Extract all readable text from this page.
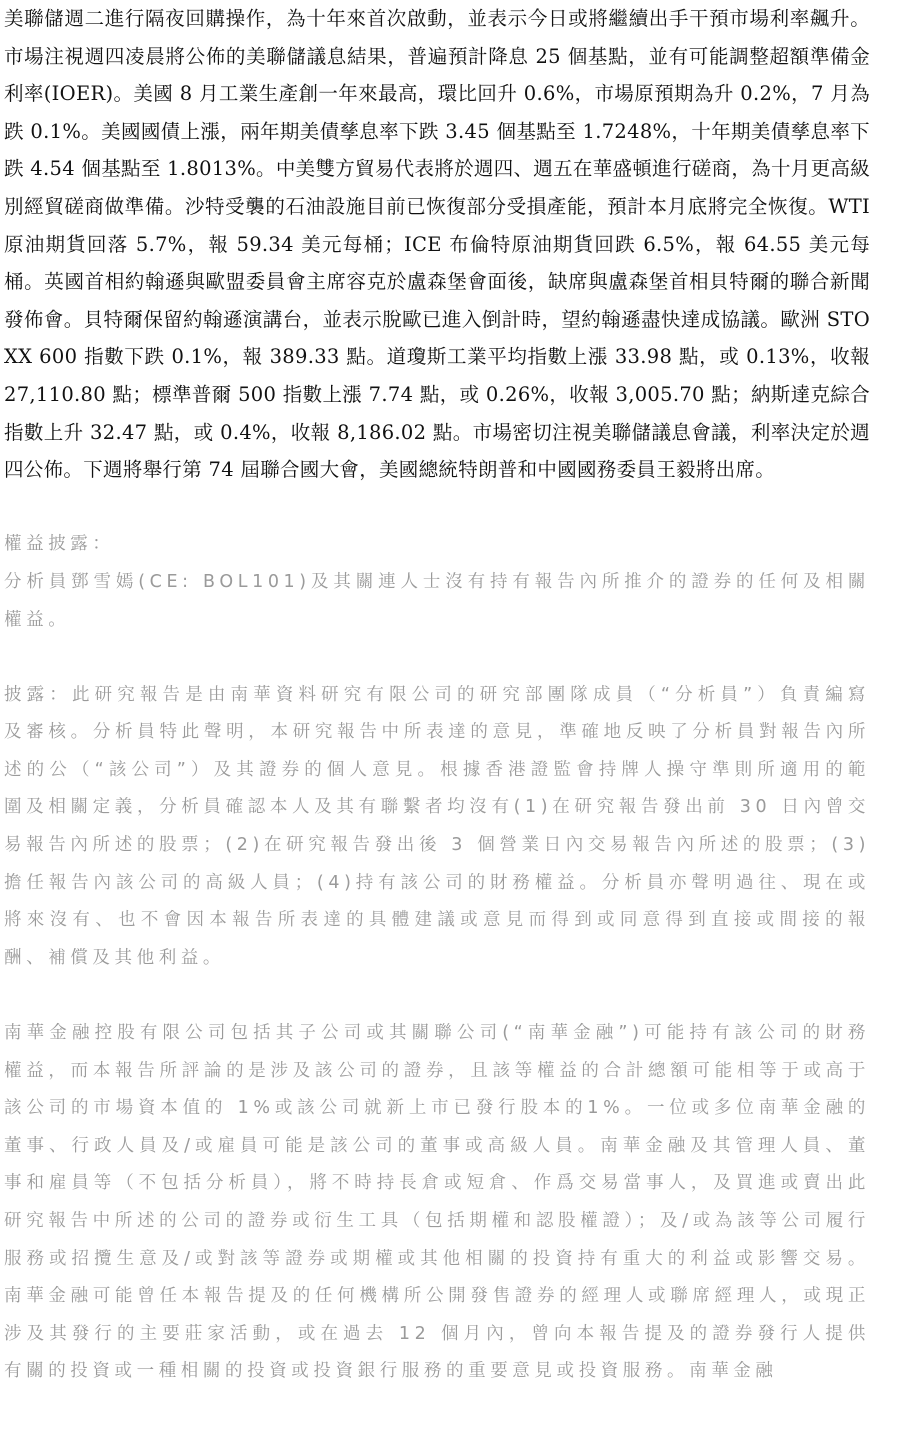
美聯儲週二進行隔夜回購操作，為十年來首次啟動，並表示今日或將繼續出手干預市場利率飆升。市場注視週四凌晨將公佈的美聯儲議息結果，普遍預計降息 25 個基點，並有可能調整超額準備金利率(IOER)。美國 8 月工業生產創一年來最高，環比回升 0.6%，市場原預期為升 0.2%，7 月為跌 0.1%。美國國債上漲，兩年期美債孳息率下跌 3.45 個基點至 1.7248%，十年期美債孳息率下跌 4.54 個基點至 1.8013%。中美雙方貿易代表將於週四、週五在華盛頓進行磋商，為十月更高級別經貿磋商做準備。沙特受襲的石油設施目前已恢復部分受損產能，預計本月底將完全恢復。WTI 原油期貨回落 5.7%，報 59.34 美元每桶；ICE 布倫特原油期貨回跌 6.5%，報 64.55 美元每桶。英國首相約翰遜與歐盟委員會主席容克於盧森堡會面後，缺席與盧森堡首相貝特爾的聯合新聞發佈會。貝特爾保留約翰遜演講台，並表示脫歐已進入倒計時，望約翰遜盡快達成協議。歐洲 STOXX 600 指數下跌 0.1%，報 389.33 點。道瓊斯工業平均指數上漲 33.98 點，或 0.13%，收報 27,110.80 點；標準普爾 500 指數上漲 7.74 點，或 0.26%，收報 3,005.70 點；納斯達克綜合指數上升 32.47 點，或 0.4%，收報 8,186.02 點。市場密切注視美聯儲議息會議，利率決定於週四公佈。下週將舉行第 74 屆聯合國大會，美國總統特朗普和中國國務委員王毅將出席。

權益披露：

分析員鄧雪嫣(CE: BOL101)及其關連人士沒有持有報告內所推介的證券的任何及相關權益。

披露：此研究報告是由南華資料研究有限公司的研究部團隊成員（“分析員”）負責編寫及審核。分析員特此聲明，本研究報告中所表達的意見，準確地反映了分析員對報告內所述的公（“該公司”）及其證券的個人意見。根據香港證監會持牌人操守準則所適用的範圍及相關定義，分析員確認本人及其有聯繫者均沒有(1)在研究報告發出前 30 日內曾交易報告內所述的股票；(2)在研究報告發出後 3 個營業日內交易報告內所述的股票；(3)擔任報告內該公司的高級人員；(4)持有該公司的財務權益。分析員亦聲明過往、現在或將來沒有、也不會因本報告所表達的具體建議或意見而得到或同意得到直接或間接的報酬、補償及其他利益。

南華金融控股有限公司包括其子公司或其關聯公司(“南華金融”)可能持有該公司的財務權益，而本報告所評論的是涉及該公司的證券，且該等權益的合計總額可能相等于或高于該公司的市場資本值的 1%或該公司就新上市已發行股本的1%。一位或多位南華金融的董事、行政人員及/或雇員可能是該公司的董事或高級人員。南華金融及其管理人員、董事和雇員等（不包括分析員），將不時持長倉或短倉、作爲交易當事人，及買進或賣出此研究報告中所述的公司的證券或衍生工具（包括期權和認股權證）；及/或為該等公司履行服務或招攬生意及/或對該等證券或期權或其他相關的投資持有重大的利益或影響交易。南華金融可能曾任本報告提及的任何機構所公開發售證券的經理人或聯席經理人，或現正涉及其發行的主要莊家活動，或在過去 12 個月內，曾向本報告提及的證券發行人提供有關的投資或一種相關的投資或投資銀行服務的重要意見或投資服務。南華金融
